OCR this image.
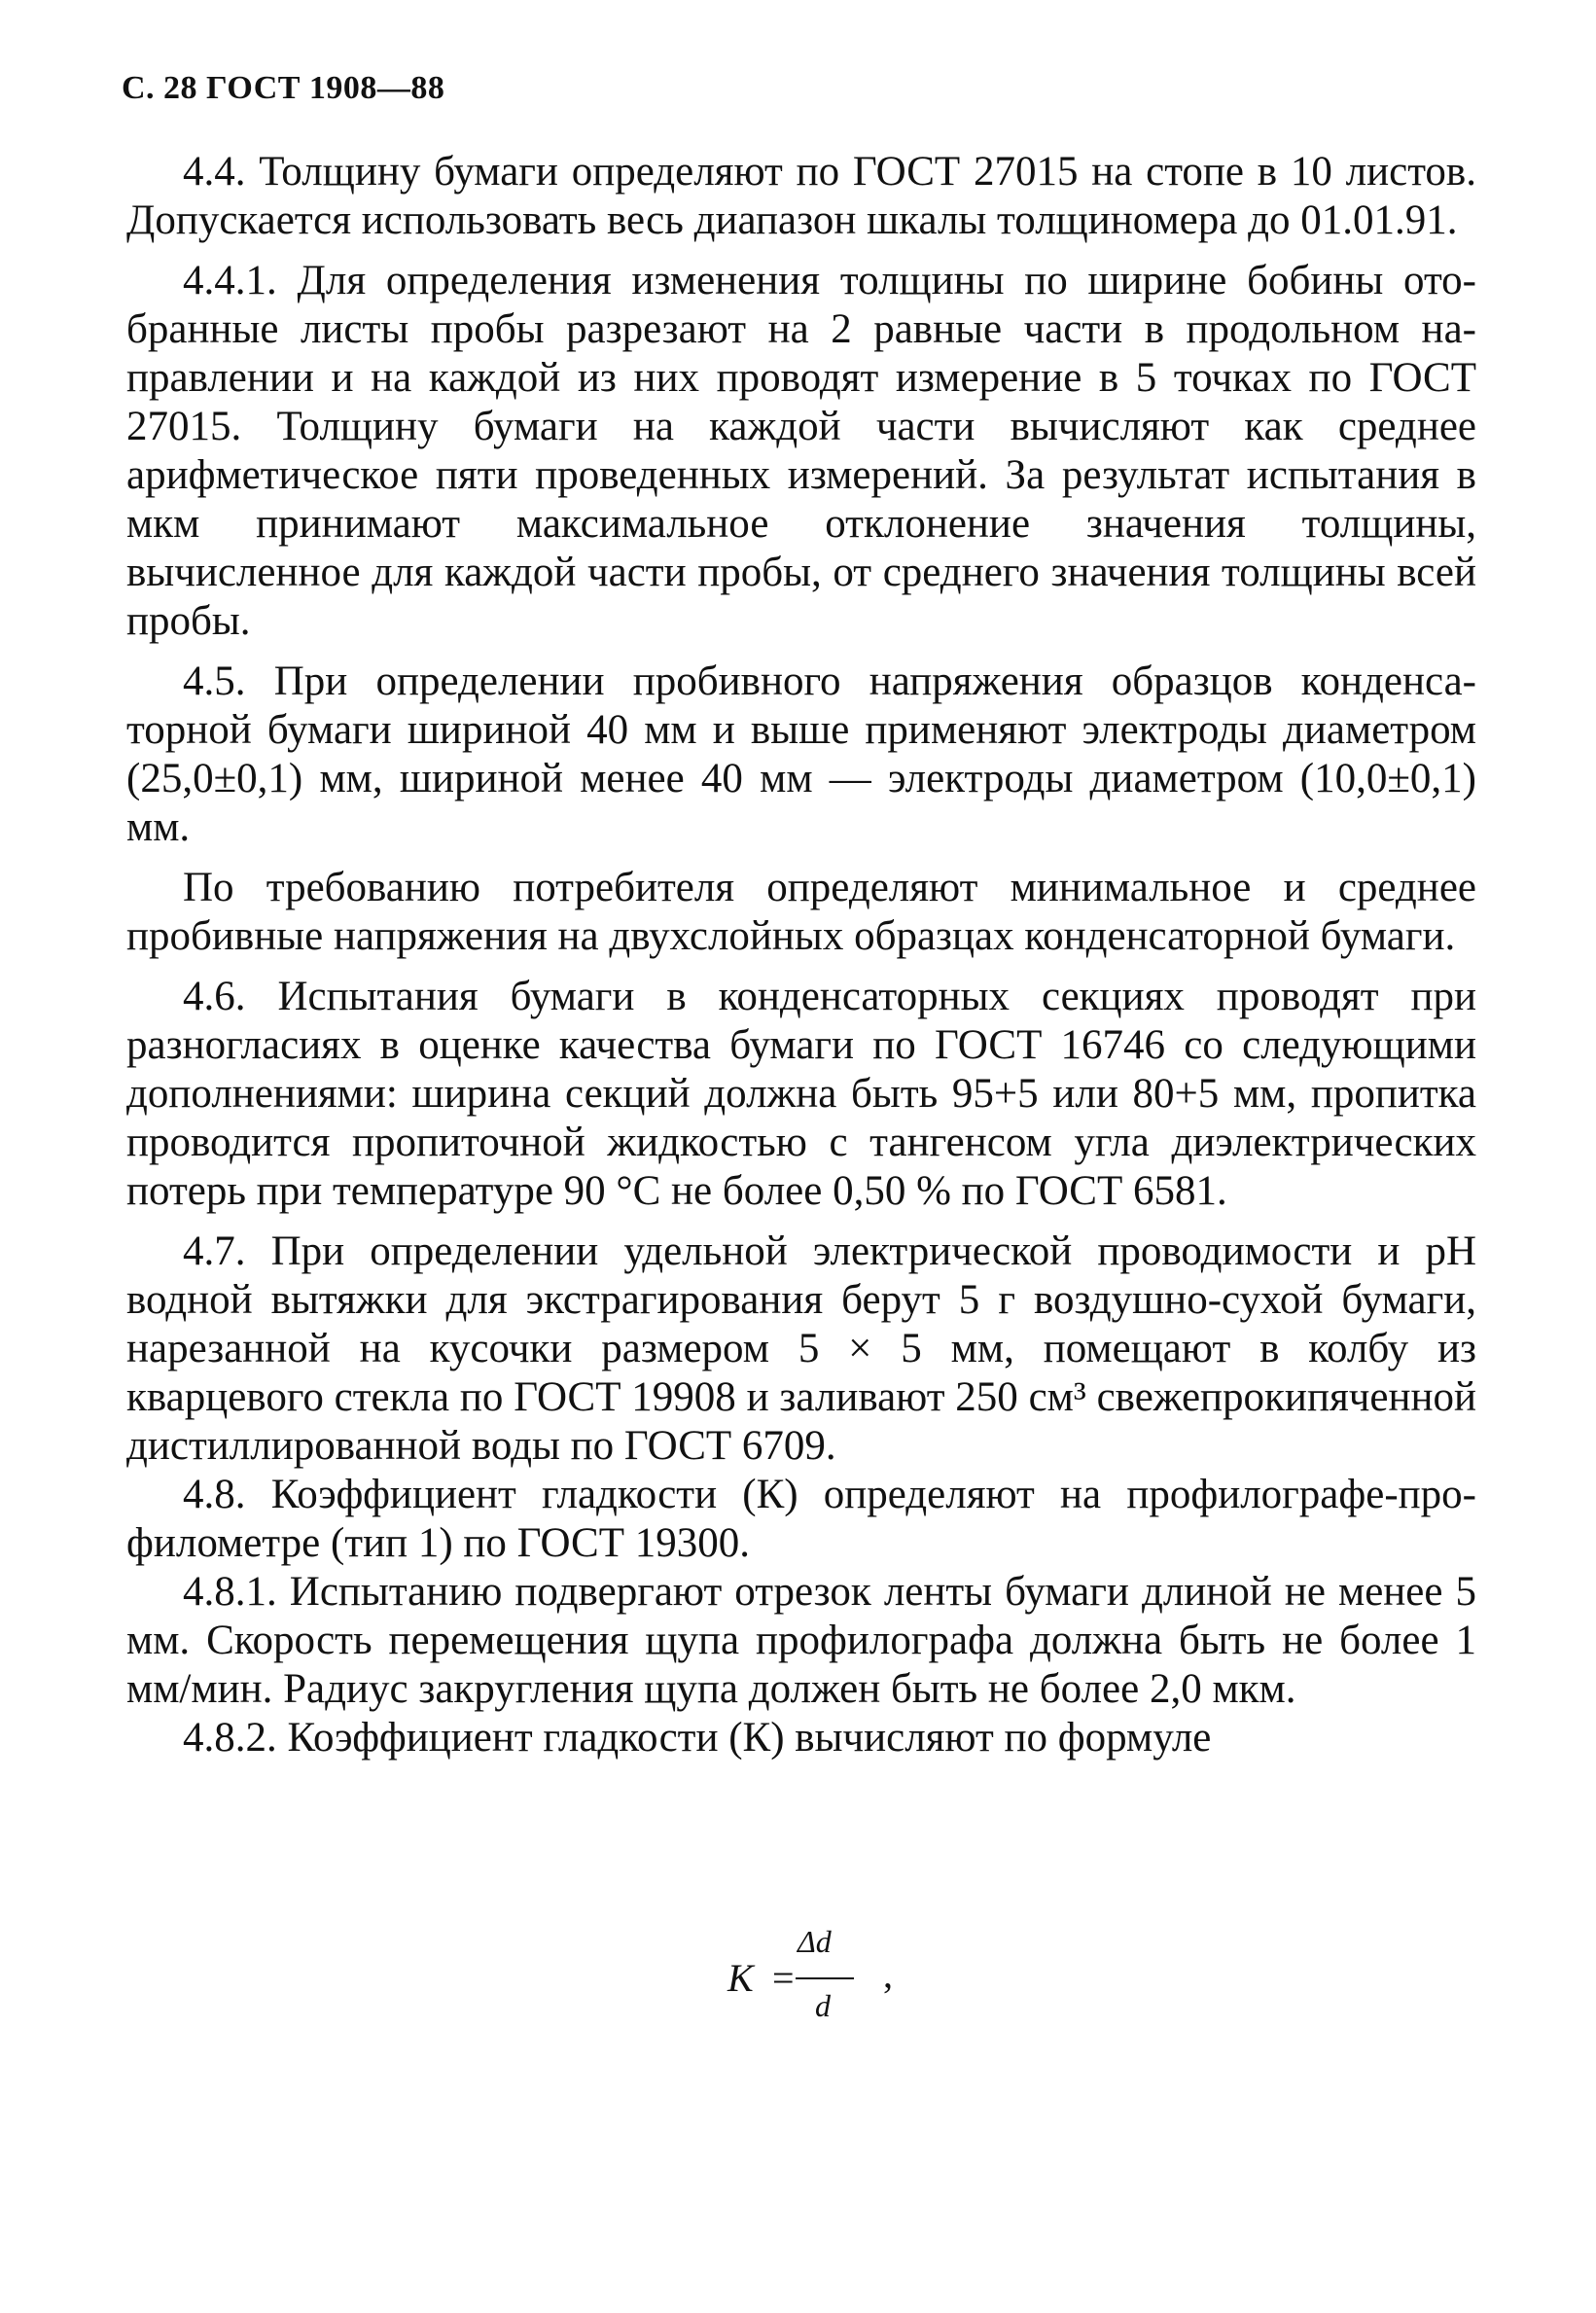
С. 28 ГОСТ 1908—88

4.4. Толщину бумаги определяют по ГОСТ 27015 на стопе в 10 листов. Допускается использовать весь диапазон шкалы толщиномера до 01.01.91.

4.4.1. Для определения изменения толщины по ширине бобины отобранные листы пробы разрезают на 2 равные части в продольном направлении и на каждой из них проводят измерение в 5 точках по ГОСТ 27015. Толщину бумаги на каждой части вычисляют как среднее арифметическое пяти проведенных измерений. За результат испытания в мкм принимают максимальное отклонение значения толщины, вычисленное для каждой части пробы, от среднего значения толщины всей пробы.

4.5. При определении пробивного напряжения образцов конденсаторной бумаги шириной 40 мм и выше применяют электроды диаметром (25,0±0,1) мм, шириной менее 40 мм — электроды диаметром (10,0±0,1) мм.

По требованию потребителя определяют минимальное и среднее пробивные напряжения на двухслойных образцах конденсаторной бумаги.

4.6. Испытания бумаги в конденсаторных секциях проводят при разногласиях в оценке качества бумаги по ГОСТ 16746 со следующими дополнениями: ширина секций должна быть 95+5 или 80+5 мм, пропитка проводится пропиточной жидкостью с тангенсом угла диэлектрических потерь при температуре 90 °С не более 0,50 % по ГОСТ 6581.

4.7. При определении удельной электрической проводимости и рН водной вытяжки для экстрагирования берут 5 г воздушно-сухой бумаги, нарезанной на кусочки размером 5 × 5 мм, помещают в колбу из кварцевого стекла по ГОСТ 19908 и заливают 250 см³ свежепрокипяченной дистиллированной воды по ГОСТ 6709.

4.8. Коэффициент гладкости (К) определяют на профилографе-профилометре (тип 1) по ГОСТ 19300.

4.8.1. Испытанию подвергают отрезок ленты бумаги длиной не менее 5 мм. Скорость перемещения щупа профилографа должна быть не более 1 мм/мин. Радиус закругления щупа должен быть не более 2,0 мкм.

4.8.2. Коэффициент гладкости (К) вычисляют по формуле

K =
Δd
d
,
